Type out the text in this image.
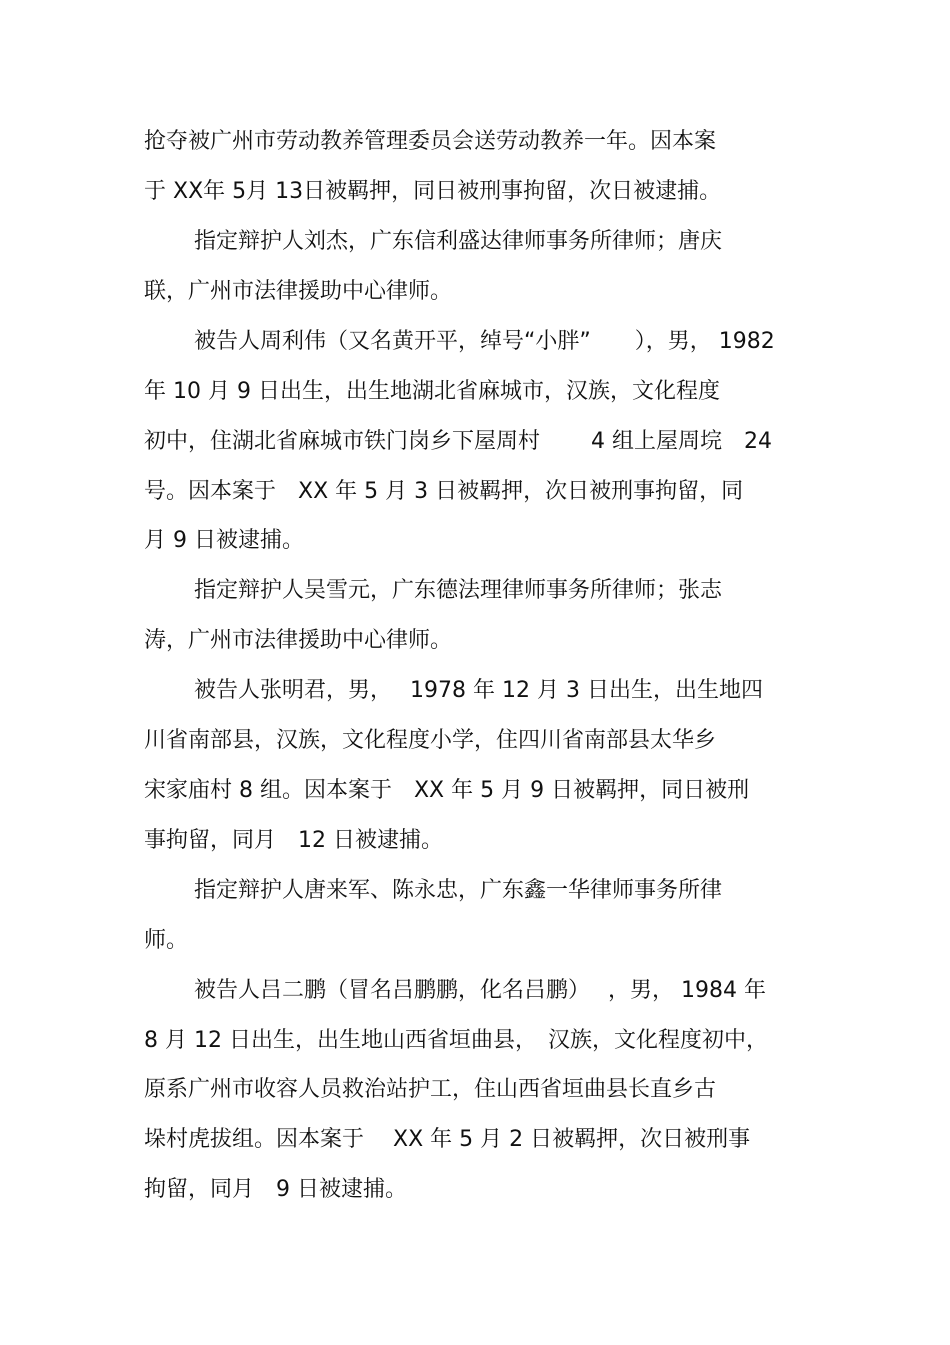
抢夺被广州市劳动教养管理委员会送劳动教养一年。因本案
于 XX年 5月 13日被羁押，同日被刑事拘留，次日被逮捕。
指定辩护人刘杰，广东信利盛达律师事务所律师；唐庆
联，广州市法律援助中心律师。
被告人周利伟（又名黄开平，绰号“小胖”　　），男， 1982
年 10 月 9 日出生，出生地湖北省麻城市，汉族，文化程度
初中，住湖北省麻城市铁门岗乡下屋周村　　 4 组上屋周垸　24
号。因本案于　XX 年 5 月 3 日被羁押，次日被刑事拘留，同
月 9 日被逮捕。
指定辩护人吴雪元，广东德法理律师事务所律师；张志
涛，广州市法律援助中心律师。
被告人张明君，男，　 1978 年 12 月 3 日出生，出生地四
川省南部县，汉族，文化程度小学，住四川省南部县太华乡
宋家庙村 8 组。因本案于　XX 年 5 月 9 日被羁押，同日被刑
事拘留，同月　12 日被逮捕。
指定辩护人唐来军、陈永忠，广东鑫一华律师事务所律
师。
被告人吕二鹏（冒名吕鹏鹏，化名吕鹏）　 ，男， 1984 年
8 月 12 日出生，出生地山西省垣曲县，　汉族，文化程度初中，
原系广州市收容人员救治站护工，住山西省垣曲县长直乡古
垛村虎拔组。因本案于　 XX 年 5 月 2 日被羁押，次日被刑事
拘留，同月　9 日被逮捕。
